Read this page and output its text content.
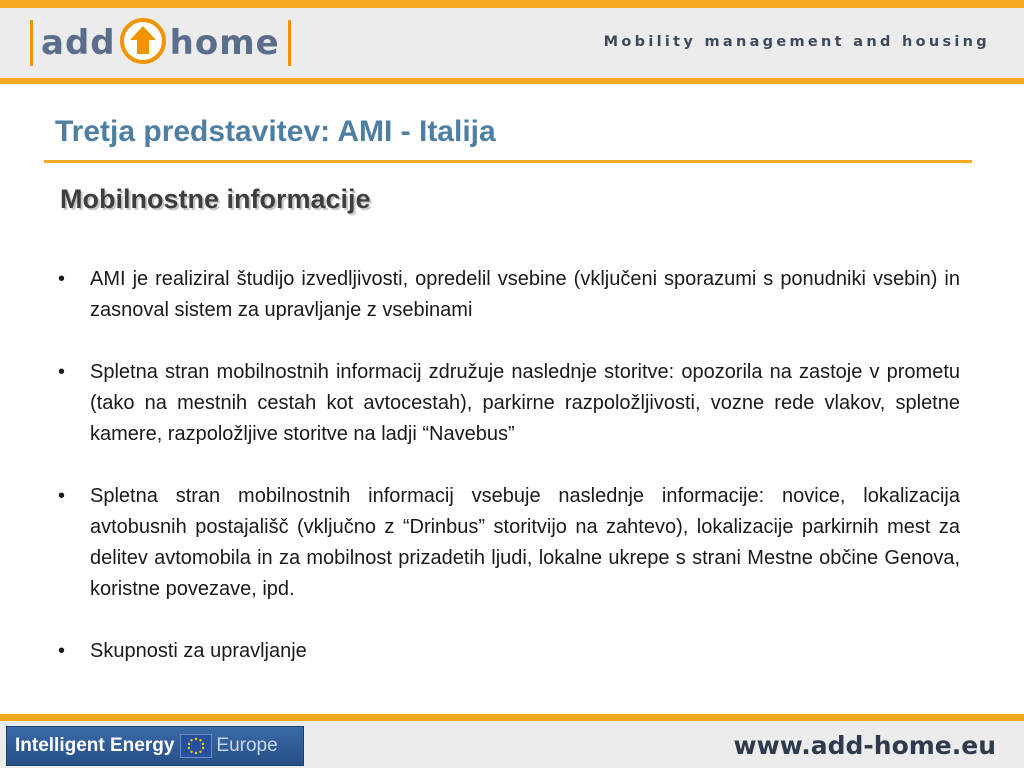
add home	Mobility management and housing
Tretja predstavitev: AMI - Italija
Mobilnostne informacije
• AMI je realiziral študijo izvedljivosti, opredelil vsebine (vključeni sporazumi s ponudniki vsebin) in zasnoval sistem za upravljanje z vsebinami
• Spletna stran mobilnostnih informacij združuje naslednje storitve: opozorila na zastoje v prometu (tako na mestnih cestah kot avtocestah), parkirne razpoložljivosti, vozne rede vlakov, spletne kamere, razpoložljive storitve na ladji “Navebus”
• Spletna stran mobilnostnih informacij vsebuje naslednje informacije: novice, lokalizacija avtobusnih postajališč (vključno z “Drinbus” storitvijo na zahtevo), lokalizacije parkirnih mest za delitev avtomobila in za mobilnost prizadetih ljudi, lokalne ukrepe s strani Mestne občine Genova, koristne povezave, ipd.
• Skupnosti za upravljanje
Intelligent Energy Europe	www.add-home.eu
